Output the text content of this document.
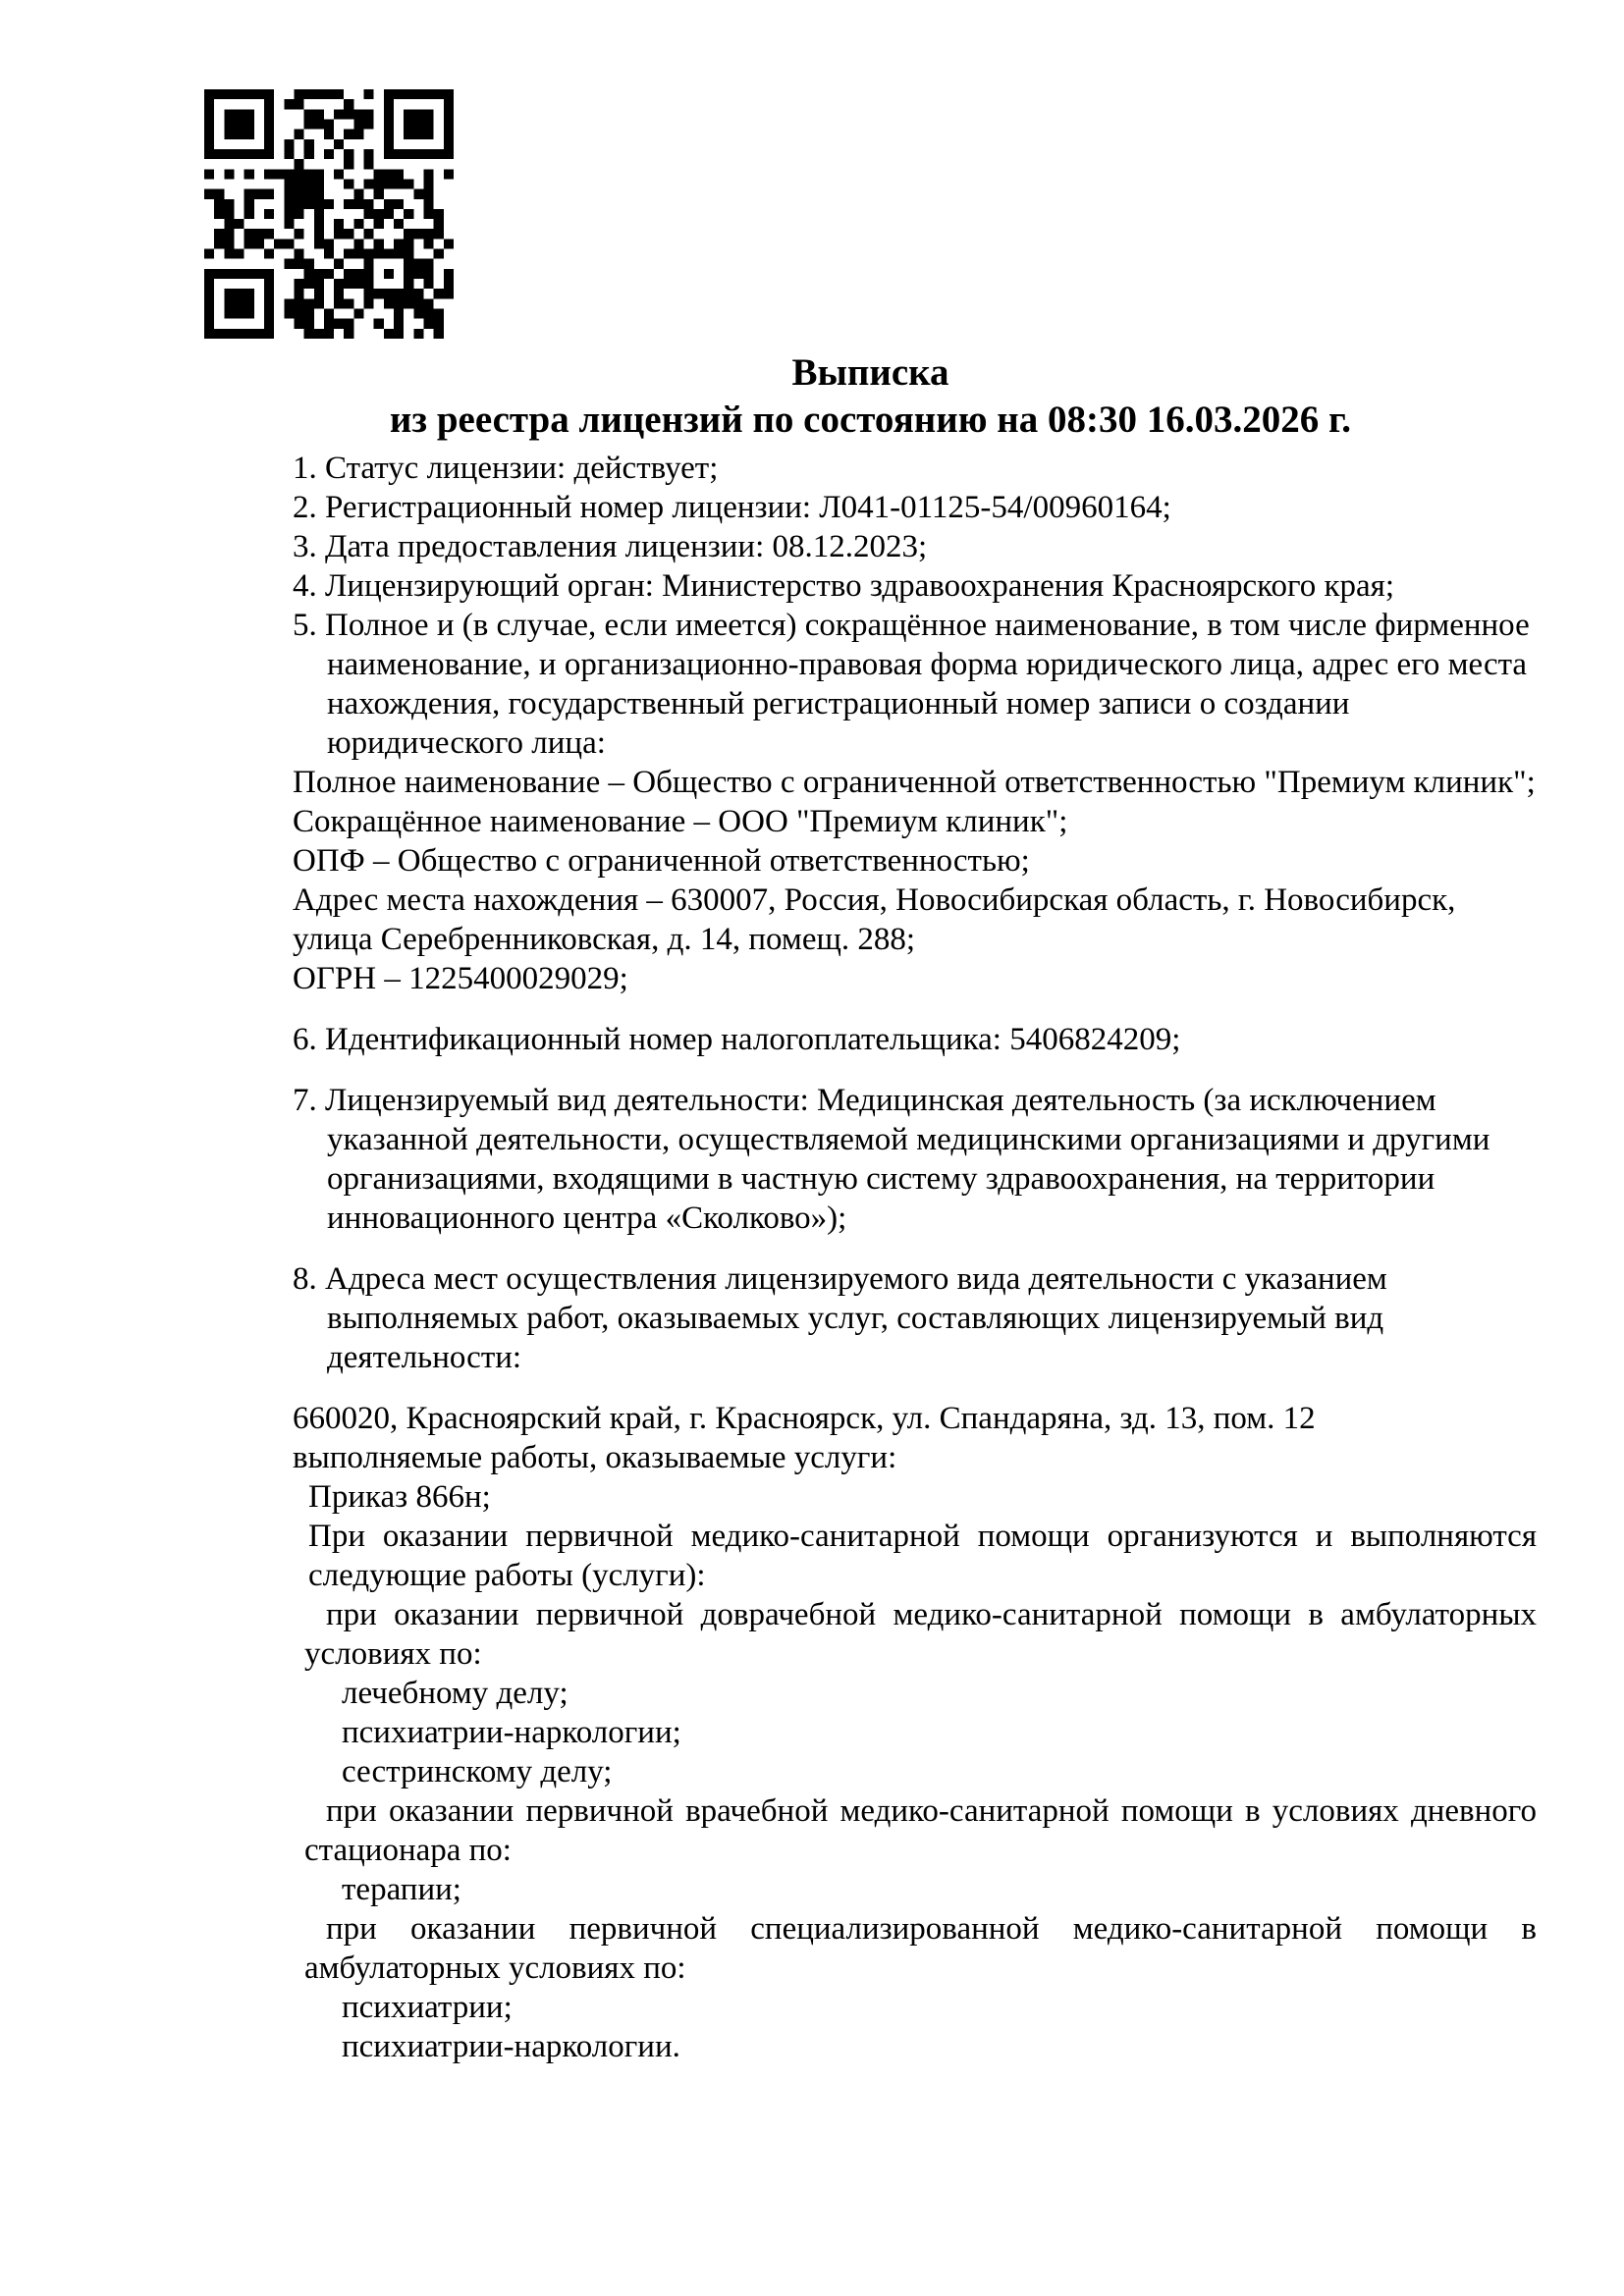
Выписка
из реестра лицензий по состоянию на 08:30 16.03.2026 г.

1. Статус лицензии: действует;

2. Регистрационный номер лицензии: Л041-01125-54/00960164;

3. Дата предоставления лицензии: 08.12.2023;

4. Лицензирующий орган: Министерство здравоохранения Красноярского края;

5. Полное и (в случае, если имеется) сокращённое наименование, в том числе фирменное наименование, и организационно-правовая форма юридического лица, адрес его места нахождения, государственный регистрационный номер записи о создании юридического лица:

Полное наименование – Общество с ограниченной ответственностью "Премиум клиник";

Сокращённое наименование – ООО "Премиум клиник";

ОПФ – Общество с ограниченной ответственностью;

Адрес места нахождения – 630007, Россия, Новосибирская область, г. Новосибирск, улица Серебренниковская, д. 14, помещ. 288;

ОГРН – 1225400029029;

6. Идентификационный номер налогоплательщика: 5406824209;

7. Лицензируемый вид деятельности: Медицинская деятельность (за исключением указанной деятельности, осуществляемой медицинскими организациями и другими организациями, входящими в частную систему здравоохранения, на территории инновационного центра «Сколково»);

8. Адреса мест осуществления лицензируемого вида деятельности с указанием выполняемых работ, оказываемых услуг, составляющих лицензируемый вид деятельности:

660020, Красноярский край, г. Красноярск, ул. Спандаряна, зд. 13, пом. 12

выполняемые работы, оказываемые услуги:

Приказ 866н;

При оказании первичной медико-санитарной помощи организуются и выполняются следующие работы (услуги):

при оказании первичной доврачебной медико-санитарной помощи в амбулаторных условиях по:

лечебному делу;

психиатрии-наркологии;

сестринскому делу;

при оказании первичной врачебной медико-санитарной помощи в условиях дневного стационара по:

терапии;

при оказании первичной специализированной медико-санитарной помощи в амбулаторных условиях по:

психиатрии;

психиатрии-наркологии.
